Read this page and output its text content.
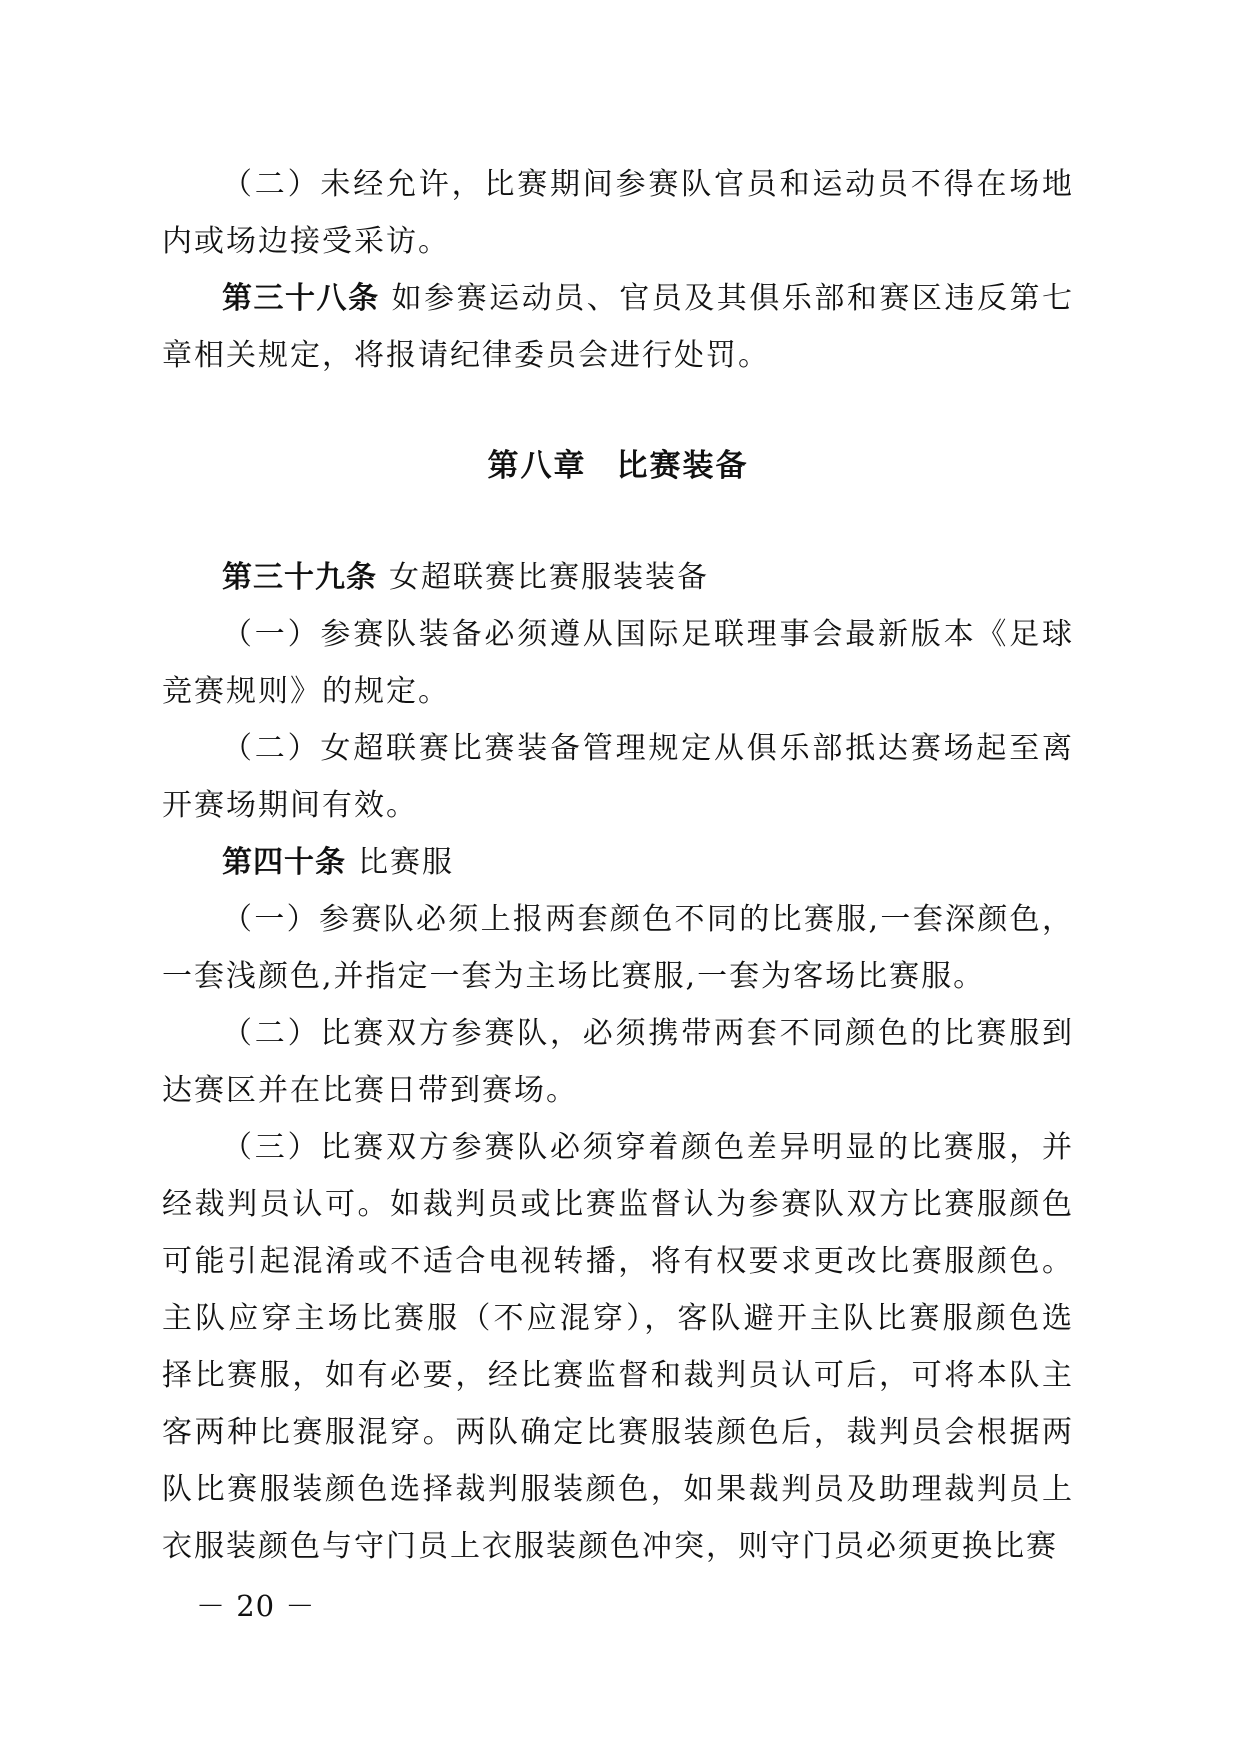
（二）未经允许，比赛期间参赛队官员和运动员不得在场地内或场边接受采访。

第三十八条 如参赛运动员、官员及其俱乐部和赛区违反第七章相关规定，将报请纪律委员会进行处罚。

第八章 比赛装备

第三十九条 女超联赛比赛服装装备

（一）参赛队装备必须遵从国际足联理事会最新版本《足球竞赛规则》的规定。

（二）女超联赛比赛装备管理规定从俱乐部抵达赛场起至离开赛场期间有效。

第四十条 比赛服

（一）参赛队必须上报两套颜色不同的比赛服,一套深颜色，一套浅颜色,并指定一套为主场比赛服,一套为客场比赛服。

（二）比赛双方参赛队，必须携带两套不同颜色的比赛服到达赛区并在比赛日带到赛场。

（三）比赛双方参赛队必须穿着颜色差异明显的比赛服，并经裁判员认可。如裁判员或比赛监督认为参赛队双方比赛服颜色可能引起混淆或不适合电视转播，将有权要求更改比赛服颜色。主队应穿主场比赛服（不应混穿），客队避开主队比赛服颜色选择比赛服，如有必要，经比赛监督和裁判员认可后，可将本队主客两种比赛服混穿。两队确定比赛服装颜色后，裁判员会根据两队比赛服装颜色选择裁判服装颜色，如果裁判员及助理裁判员上衣服装颜色与守门员上衣服装颜色冲突，则守门员必须更换比赛

－ 20 －
